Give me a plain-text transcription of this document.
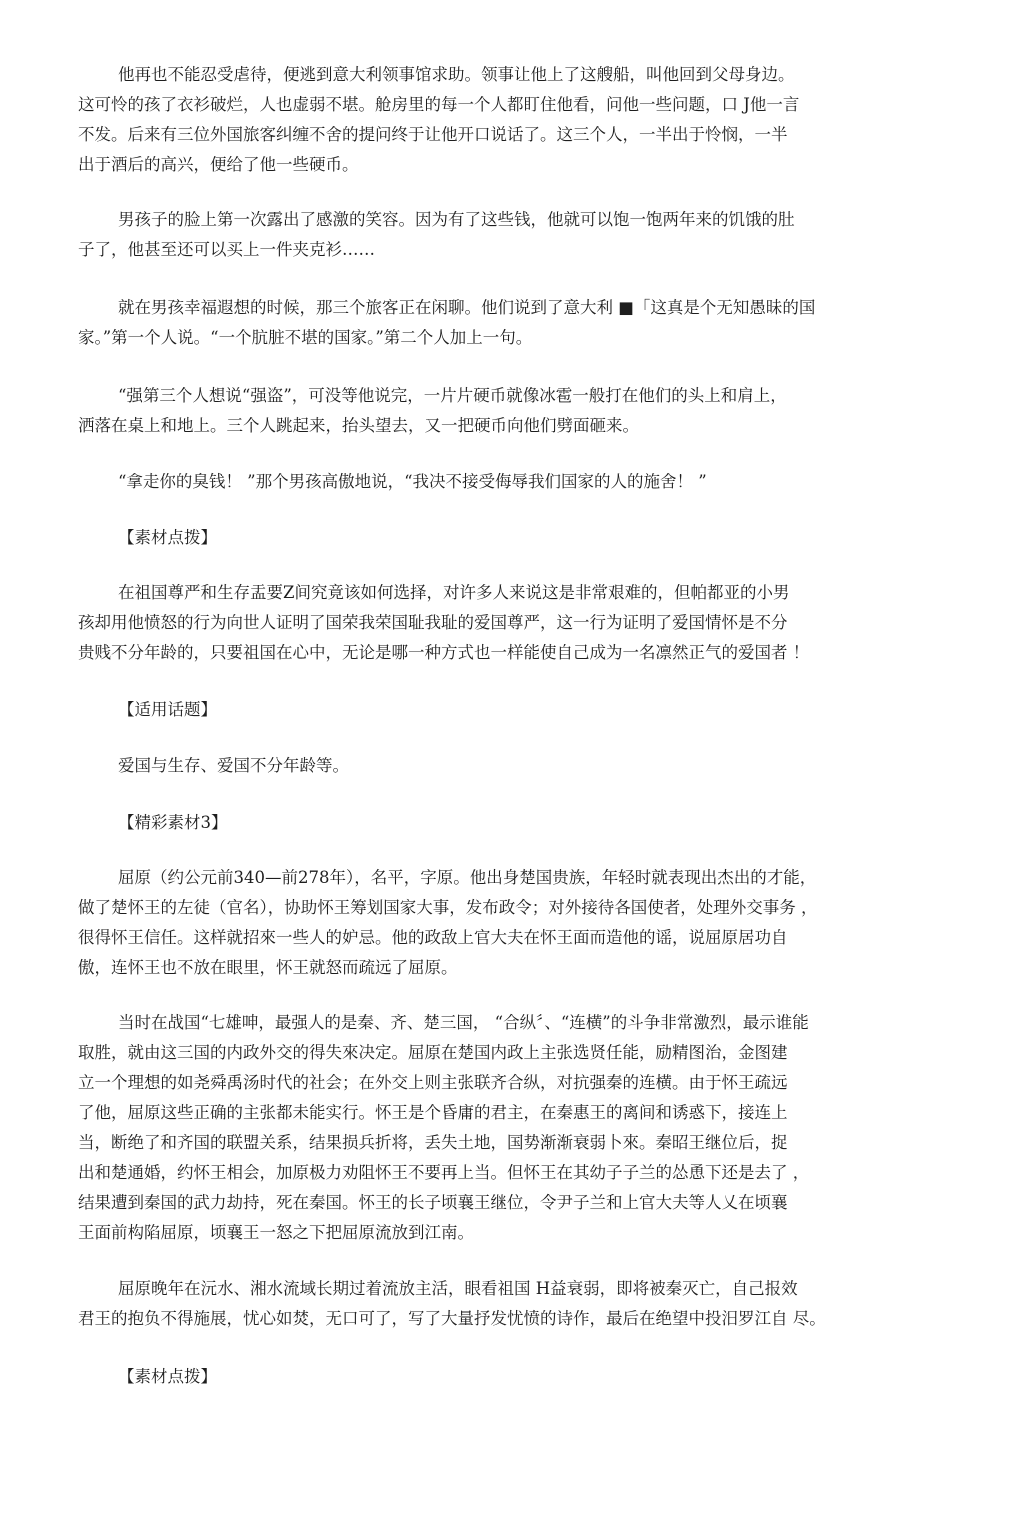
他再也不能忍受虐待，便逃到意大利领事馆求助。领事让他上了这艘船，叫他回到父母身边。
这可怜的孩了衣衫破烂，人也虚弱不堪。舱房里的每一个人都盯住他看，问他一些问题，口 J他一言
不发。后来有三位外国旅客纠缠不舍的提问终于让他开口说话了。这三个人，一半出于怜悯，一半
出于酒后的高兴，便给了他一些硬币。
男孩子的脸上第一次露出了感激的笑容。因为有了这些钱，他就可以饱一饱两年来的饥饿的肚
子了，他甚至还可以买上一件夹克衫……
就在男孩幸福遐想的时候，那三个旅客正在闲聊。他们说到了意大利 ■「这真是个无知愚昧的国
家。”第一个人说。“一个肮脏不堪的国家。”第二个人加上一句。
“强第三个人想说“强盗”，可没等他说完，一片片硬币就像冰雹一般打在他们的头上和肩上，
洒落在桌上和地上。三个人跳起来，抬头望去，又一把硬币向他们劈面砸来。
“拿走你的臭钱！ ”那个男孩高傲地说，“我决不接受侮辱我们国家的人的施舍！ ”

【素材点拨】

在祖国尊严和生存盂要Z间究竟该如何选择，对许多人来说这是非常艰难的，但帕都亚的小男
孩却用他愤怒的行为向世人证明了国荣我荣国耻我耻的爱国尊严，这一行为证明了爱国情怀是不分
贵贱不分年龄的，只要祖国在心中，无论是哪一种方式也一样能使自己成为一名凛然正气的爱国者 ！

【适用话题】

爱国与生存、爱国不分年龄等。

【精彩素材3】

屈原（约公元前340—前278年），名平，字原。他出身楚国贵族，年轻时就表现出杰出的才能，
做了楚怀王的左徒（官名），协助怀王筹划国家大事，发布政令；对外接待各国使者，处理外交事务 ，
很得怀王信任。这样就招來一些人的妒忌。他的政敌上官大夫在怀王面而造他的谣，说屈原居功自
傲，连怀王也不放在眼里，怀王就怒而疏远了屈原。
当时在战国“七雄呻，最强人的是秦、齐、楚三国， “合纵〞、“连横”的斗争非常激烈，最示谁能
取胜，就由这三国的内政外交的得失來决定。屈原在楚国内政上主张选贤任能，励精图治，金图建
立一个理想的如尧舜禹汤时代的社会；在外交上则主张联齐合纵，对抗强秦的连横。由于怀王疏远
了他，屈原这些正确的主张都未能实行。怀王是个昏庸的君主，在秦惠王的离间和诱惑下，接连上
当，断绝了和齐国的联盟关系，结果损兵折将，丢失土地，国势渐渐衰弱卜來。秦昭王继位后，捉
出和楚通婚，约怀王相会，加原极力劝阻怀王不要再上当。但怀王在其幼子子兰的怂恿下还是去了 ，
结果遭到秦国的武力劫持，死在秦国。怀王的长子顷襄王继位，令尹子兰和上官大夫等人乂在顷襄
王面前构陷屈原，顷襄王一怒之下把屈原流放到江南。
屈原晚年在沅水、湘水流域长期过着流放主活，眼看祖国 H益衰弱，即将被秦灭亡，自己报效
君王的抱负不得施展，忧心如焚，无口可了，写了大量抒发忧愤的诗作，最后在绝望中投汨罗江自 尽。

【素材点拨】
